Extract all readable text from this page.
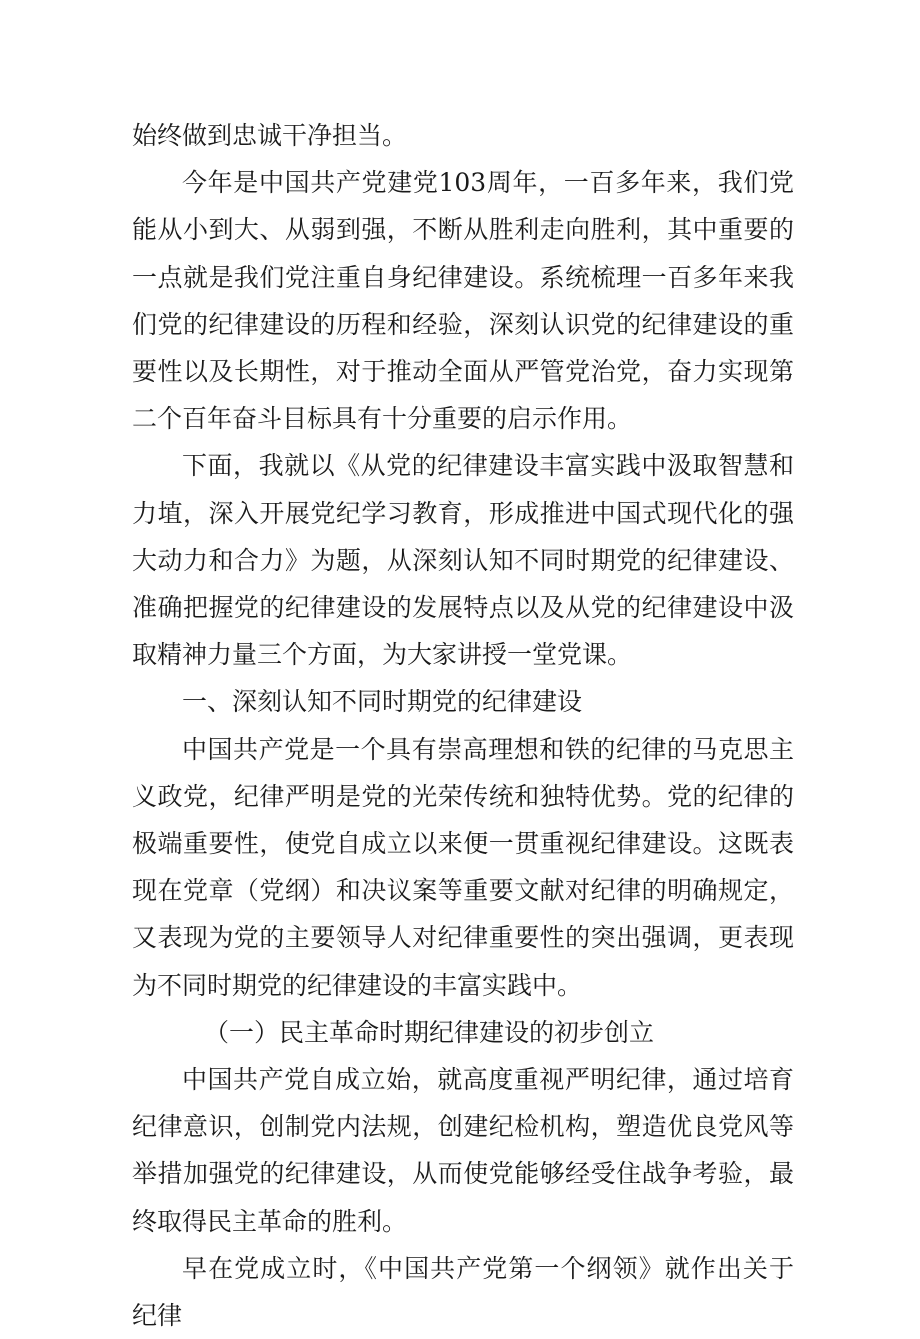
始终做到忠诚干净担当。

今年是中国共产党建党103周年，一百多年来，我们党能从小到大、从弱到强，不断从胜利走向胜利，其中重要的一点就是我们党注重自身纪律建设。系统梳理一百多年来我们党的纪律建设的历程和经验，深刻认识党的纪律建设的重要性以及长期性，对于推动全面从严管党治党，奋力实现第二个百年奋斗目标具有十分重要的启示作用。

下面，我就以《从党的纪律建设丰富实践中汲取智慧和力埴，深入开展党纪学习教育，形成推进中国式现代化的强大动力和合力》为题，从深刻认知不同时期党的纪律建设、准确把握党的纪律建设的发展特点以及从党的纪律建设中汲取精神力量三个方面，为大家讲授一堂党课。

一、深刻认知不同时期党的纪律建设

中国共产党是一个具有崇高理想和铁的纪律的马克思主义政党，纪律严明是党的光荣传统和独特优势。党的纪律的极端重要性，使党自成立以来便一贯重视纪律建设。这既表现在党章（党纲）和决议案等重要文献对纪律的明确规定，又表现为党的主要领导人对纪律重要性的突出强调，更表现为不同时期党的纪律建设的丰富实践中。

（一）民主革命时期纪律建设的初步创立

中国共产党自成立始，就高度重视严明纪律，通过培育纪律意识，创制党内法规，创建纪检机构，塑造优良党风等举措加强党的纪律建设，从而使党能够经受住战争考验，最终取得民主革命的胜利。

早在党成立时，《中国共产党第一个纲领》就作出关于纪律
